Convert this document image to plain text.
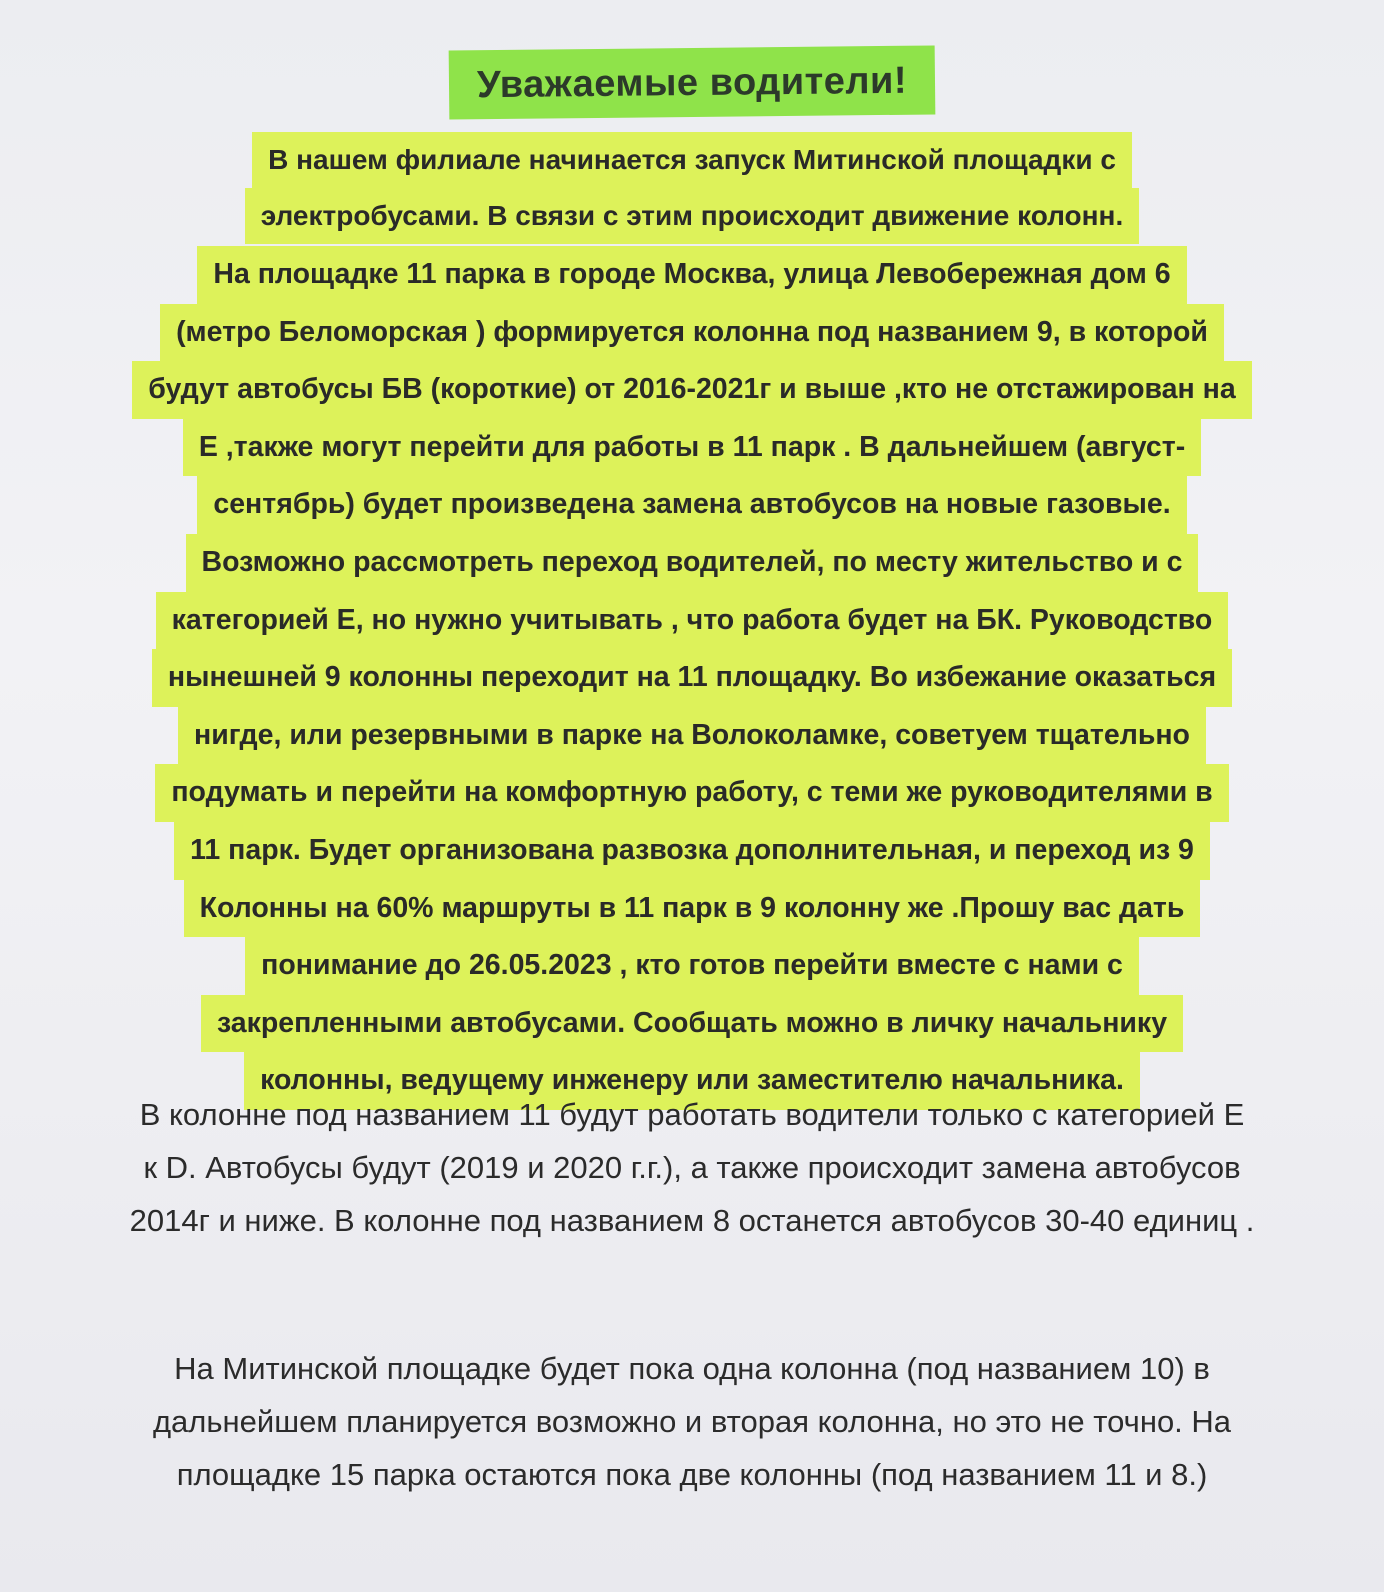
Уважаемые водители!
В нашем филиале начинается запуск Митинской площадки с
электробусами. В связи с этим происходит движение колонн.
На площадке 11 парка в городе Москва, улица Левобережная дом 6
(метро Беломорская ) формируется колонна под названием 9, в которой
будут автобусы БВ (короткие) от 2016-2021г и выше ,кто не отстажирован на
Е ,также могут перейти для работы в 11 парк . В дальнейшем (август-
сентябрь) будет произведена замена автобусов на новые газовые.
Возможно рассмотреть переход водителей, по месту жительство и с
категорией Е, но нужно учитывать , что работа будет на БК. Руководство
нынешней 9 колонны переходит на 11 площадку. Во избежание оказаться
нигде, или резервными в парке на Волоколамке, советуем тщательно
подумать и перейти на комфортную работу, с теми же руководителями в
11 парк. Будет организована развозка дополнительная, и переход из 9
Колонны на 60% маршруты в 11 парк в 9 колонну же .Прошу вас дать
понимание до 26.05.2023 , кто готов перейти вместе с нами с
закрепленными автобусами. Сообщать можно в личку начальнику
колонны, ведущему инженеру или заместителю начальника.
В колонне под названием 11 будут работать водители только с категорией Е
к D. Автобусы будут (2019 и 2020 г.г.), а также происходит замена автобусов
2014г и ниже. В колонне под названием 8 останется автобусов 30-40 единиц .
На Митинской площадке будет пока одна колонна (под названием 10) в
дальнейшем планируется возможно и вторая колонна, но это не точно. На
площадке 15 парка остаются пока две колонны (под названием 11 и 8.)
